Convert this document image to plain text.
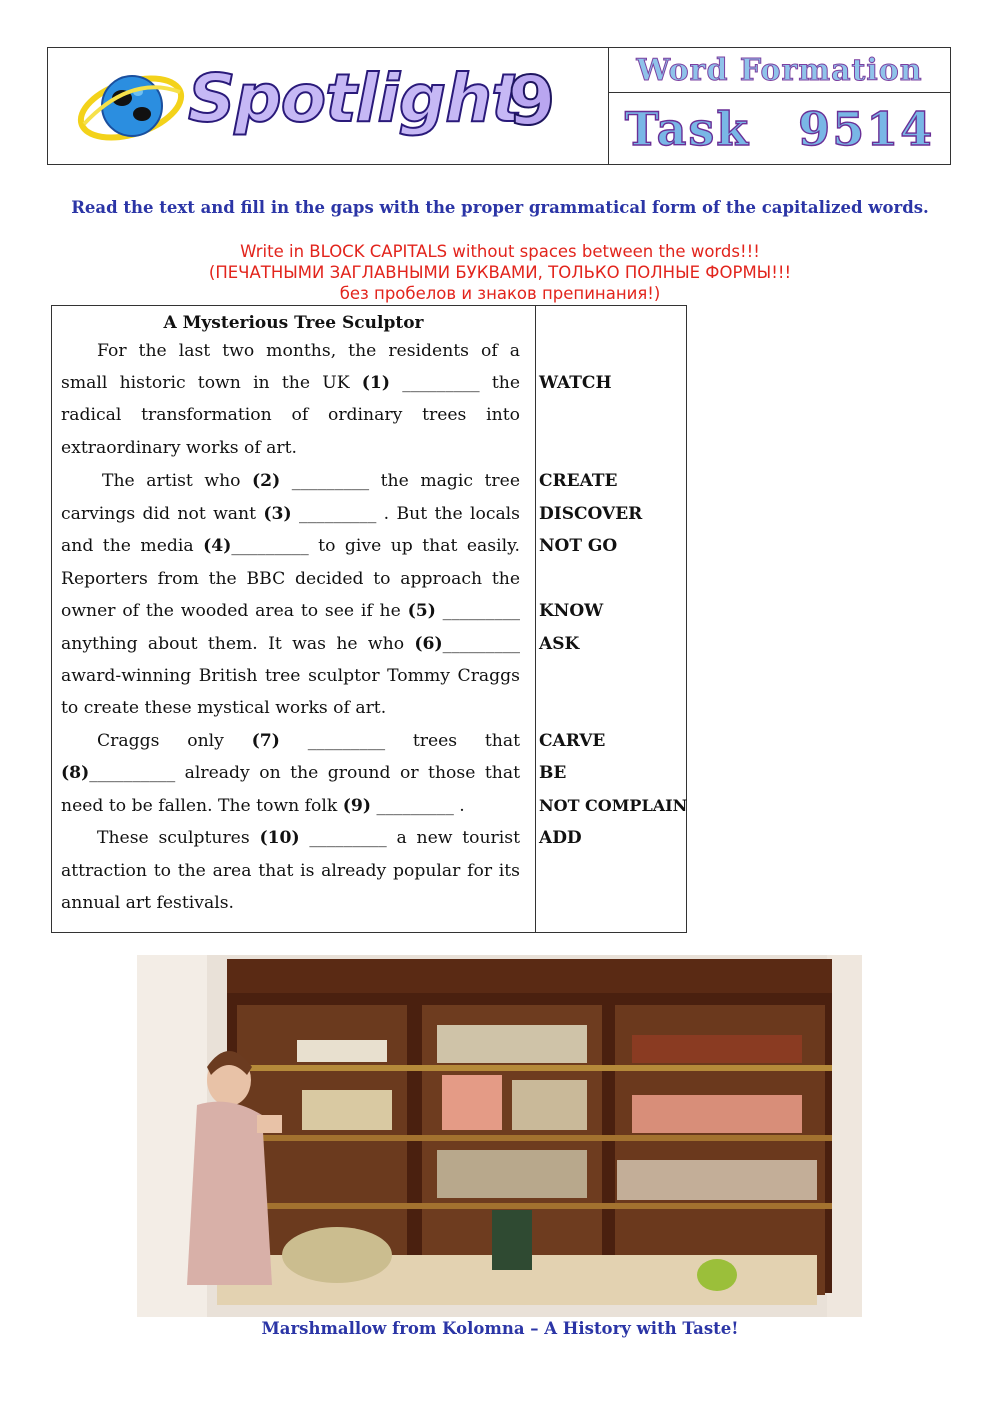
Spotlight
9	Word Formation
Task 9514
Read the text and fill in the gaps with the proper grammatical form of the capitalized words.
Write in BLOCK CAPITALS without spaces between the words!!!
(ПЕЧАТНЫМИ ЗАГЛАВНЫМИ БУКВАМИ, ТОЛЬКО ПОЛНЫЕ ФОРМЫ!!!
без пробелов и знаков препинания!)
A Mysterious Tree Sculptor
For the last two months, the residents of a
small historic town in the UK (1) _________ the WATCH
radical transformation of ordinary trees into
extraordinary works of art.
The artist who (2) _________ the magic tree CREATE
carvings did not want (3) _________ . But the locals DISCOVER
and the media (4)_________ to give up that easily. NOT GO
Reporters from the BBC decided to approach the
owner of the wooded area to see if he (5) _________ KNOW
anything about them. It was he who (6)_________ ASK
award-winning British tree sculptor Tommy Craggs
to create these mystical works of art.
Craggs only (7) _________ trees that CARVE
(8)__________ already on the ground or those that BE
need to be fallen. The town folk (9) _________ .	NOT COMPLAIN
These sculptures (10) _________ a new tourist ADD
attraction to the area that is already popular for its
annual art festivals.
Marshmallow from Kolomna – A History with Taste!
